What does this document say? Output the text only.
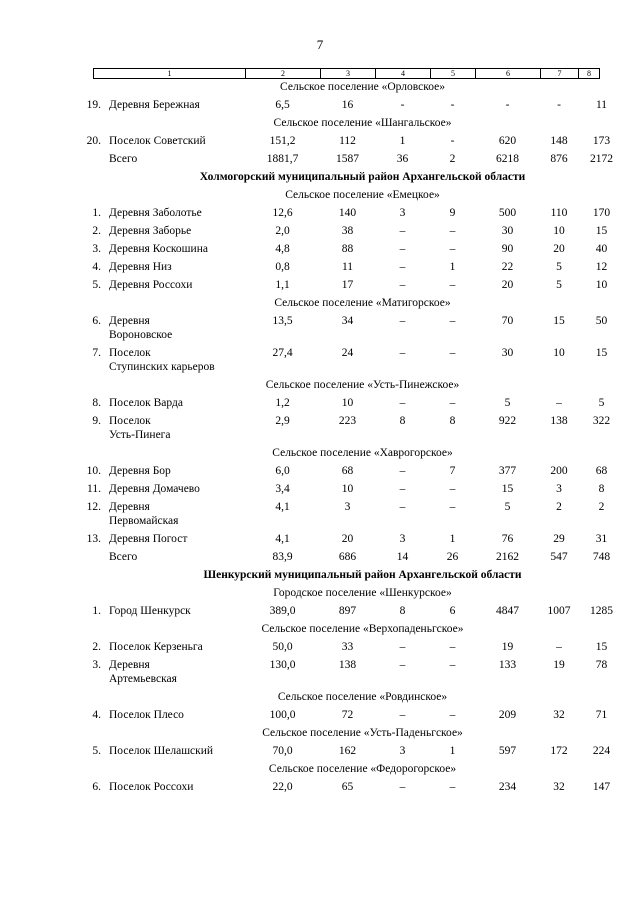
7
1	2	3	4	5	6	7	8
Сельское поселение «Орловское»
19. Деревня Бережная	6,5	16	-	-	-	-	11
Сельское поселение «Шангальское»
20. Поселок Советский	151,2	112	1	-	620	148	173
Всего	1881,7	1587	36	2	6218	876	2172
Холмогорский муниципальный район Архангельской области
Сельское поселение «Емецкое»
1. Деревня Заболотье	12,6	140	3	9	500	110	170
2. Деревня Заборье	2,0	38	–	–	30	10	15
3. Деревня Коскошина	4,8	88	–	–	90	20	40
4. Деревня Низ	0,8	11	–	1	22	5	12
5. Деревня Россохи	1,1	17	–	–	20	5	10
Сельское поселение «Матигорское»
6. Деревня
Вороновское
13,5	34	–	–	70	15	50
7. Поселок
Ступинских карьеров
27,4	24	–	–	30	10	15
Сельское поселение «Усть-Пинежское»
8. Поселок Варда	1,2	10	–	–	5	–	5
9. Поселок
Усть-Пинега
2,9	223	8	8	922	138	322
Сельское поселение «Хаврогорское»
10. Деревня Бор	6,0	68	–	7	377	200	68
11. Деревня Домачево	3,4	10	–	–	15	3	8
12. Деревня
Первомайская
4,1	3	–	–	5	2	2
13. Деревня Погост	4,1	20	3	1	76	29	31
Всего	83,9	686	14	26	2162	547	748
Шенкурский муниципальный район Архангельской области
Городское поселение «Шенкурское»
1. Город Шенкурск	389,0	897	8	6	4847	1007	1285
Сельское поселение «Верхопаденьгское»
2. Поселок Керзеньга	50,0	33	–	–	19	–	15
3. Деревня
Артемьевская
130,0	138	–	–	133	19	78
Сельское поселение «Ровдинское»
4. Поселок Плесо	100,0	72	–	–	209	32	71
Сельское поселение «Усть-Паденьгское»
5. Поселок Шелашский	70,0	162	3	1	597	172	224
Сельское поселение «Федорогорское»
6. Поселок Россохи	22,0	65	–	–	234	32	147
